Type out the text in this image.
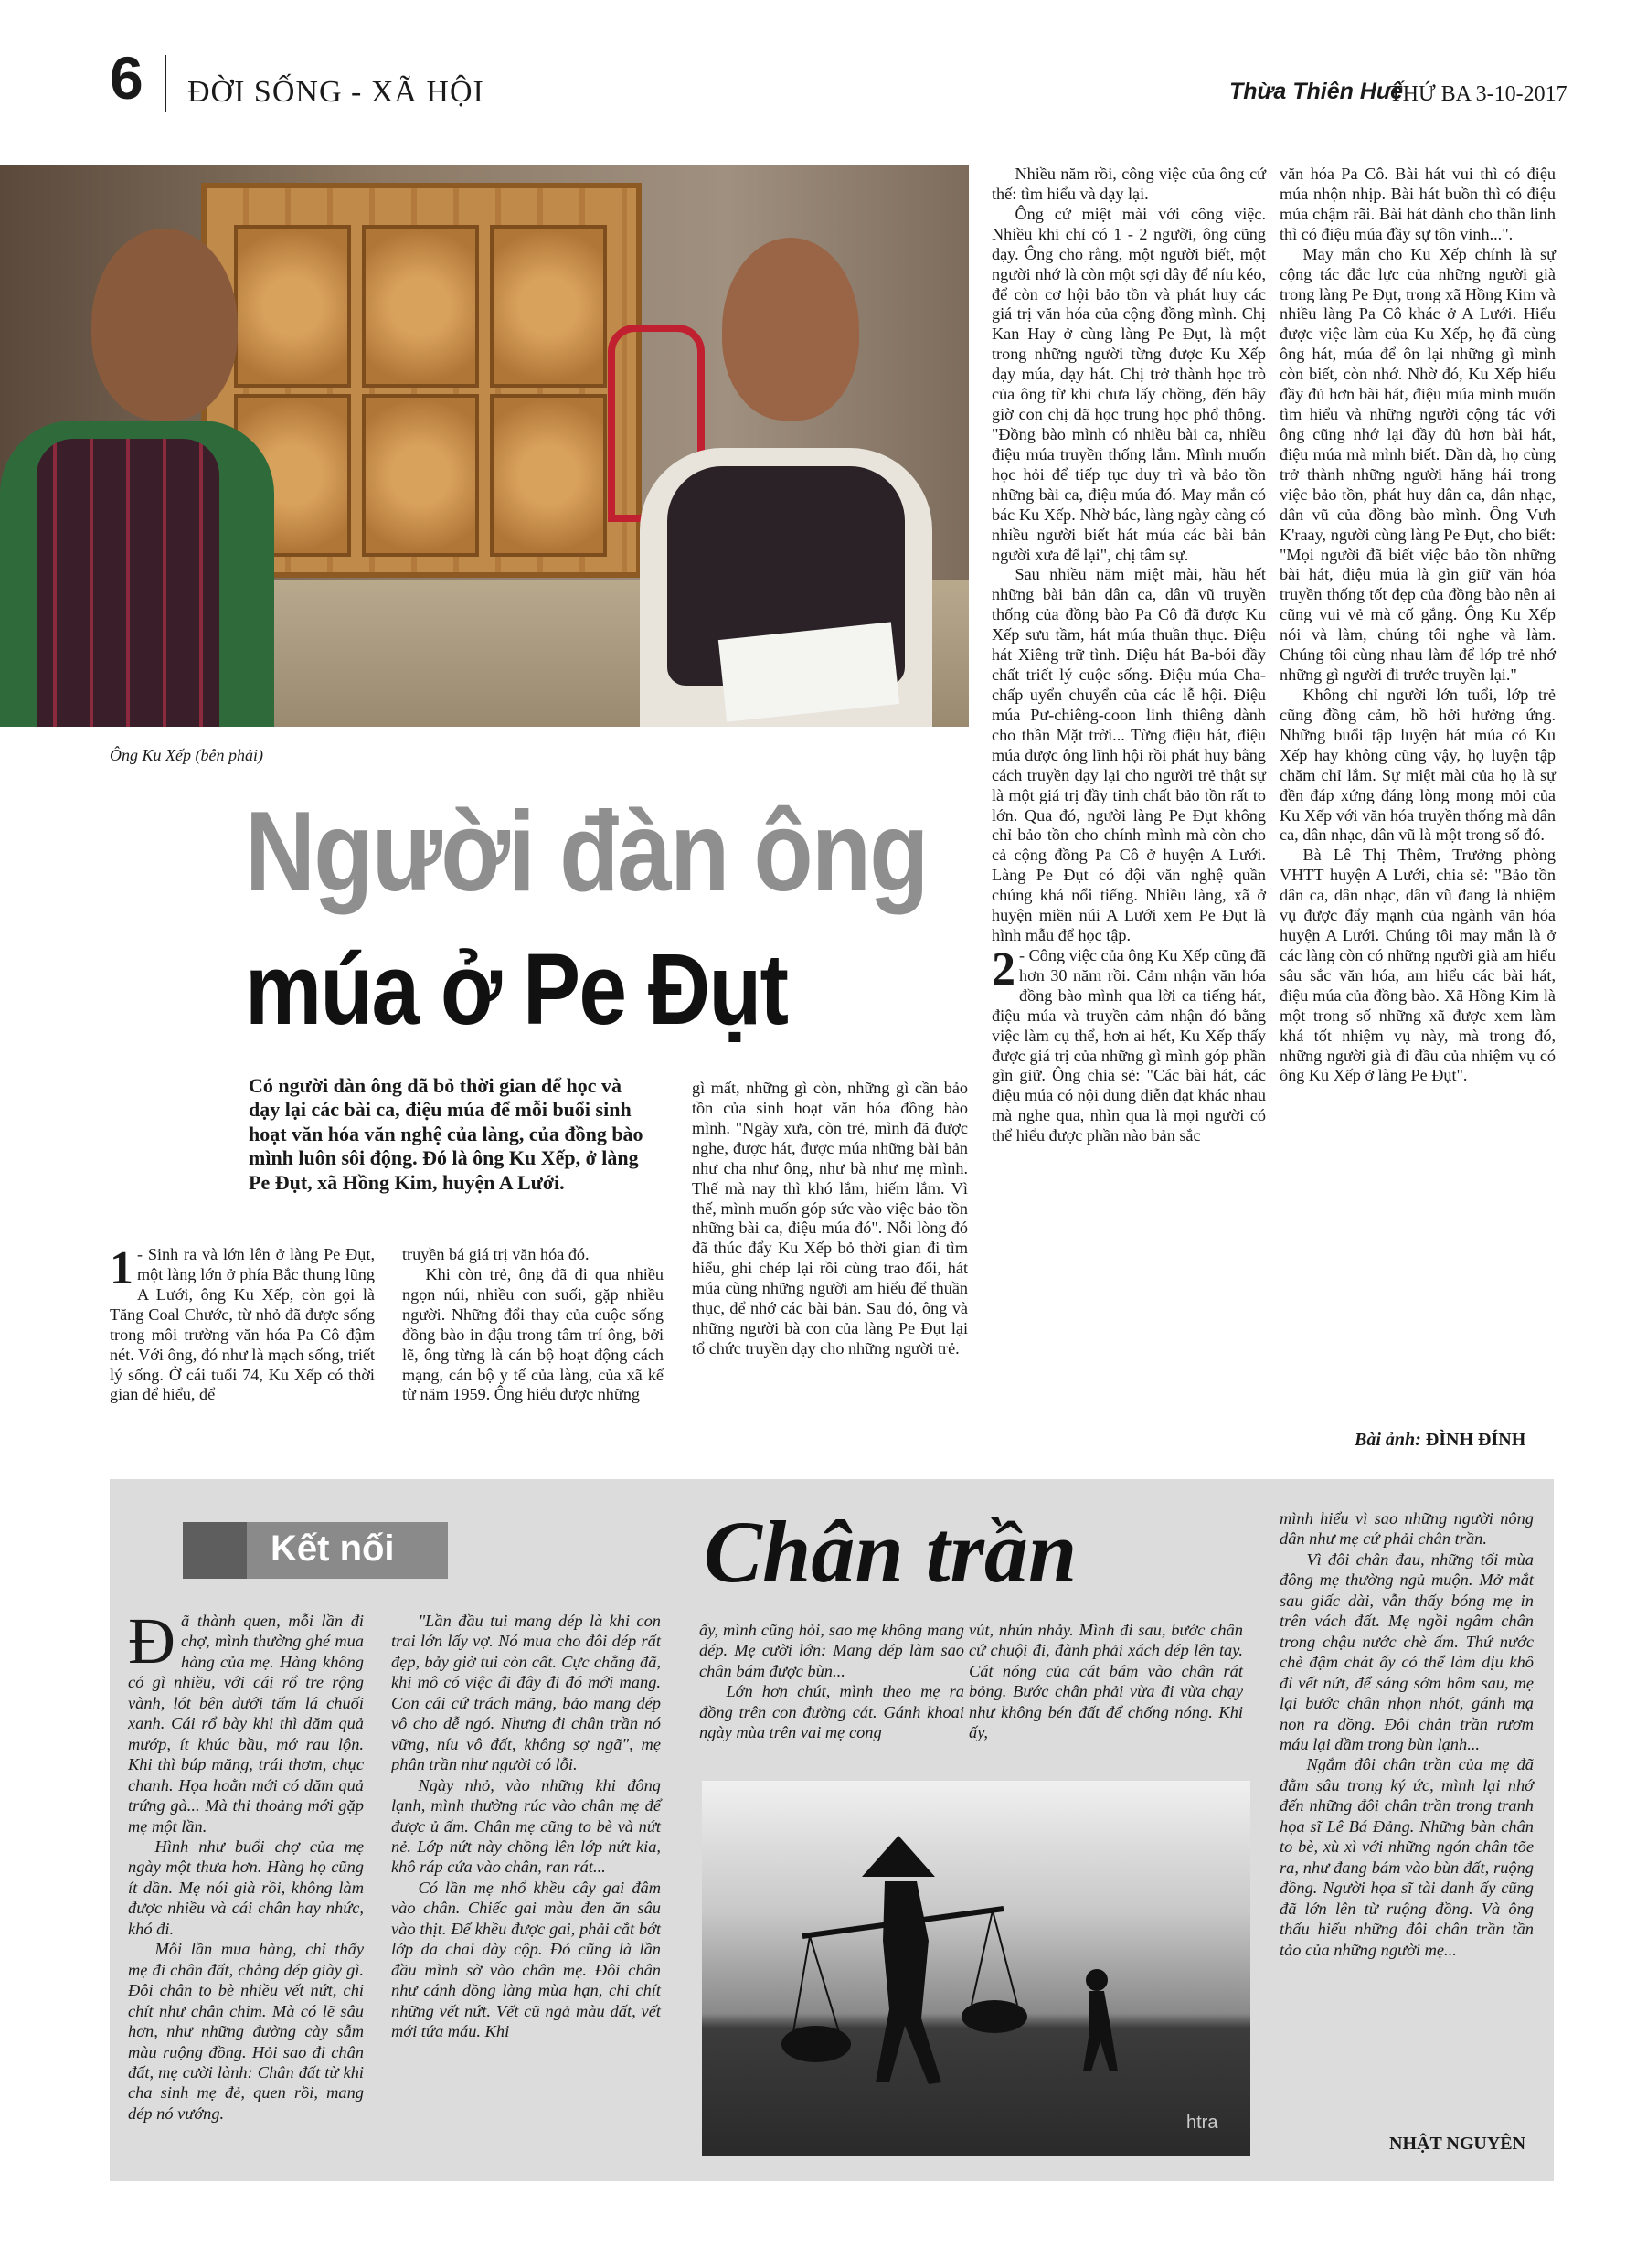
6 ĐỜI SỐNG - XÃ HỘI	Thừa Thiên Huế
THỨ BA 3-10-2017
Ông Ku Xếp (bên phải)
Người đàn ông
múa ở Pe Đụt
Có người đàn ông đã bỏ thời gian để học và dạy lại các bài ca, điệu múa để mỗi buổi sinh hoạt văn hóa văn nghệ của làng, của đồng bào mình luôn sôi động. Đó là ông Ku Xếp, ở làng Pe Đụt, xã Hồng Kim, huyện A Lưới.

1 - Sinh ra và lớn lên ở làng Pe Đụt, một làng lớn ở phía Bắc thung lũng A Lưới, ông Ku Xếp, còn gọi là Tăng Coal Chước, từ nhỏ đã được sống trong môi trường văn hóa Pa Cô đậm nét. Với ông, đó như là mạch sống, triết lý sống. Ở cái tuổi 74, Ku Xếp có thời gian để hiểu, để

truyền bá giá trị văn hóa đó.

Khi còn trẻ, ông đã đi qua nhiều ngọn núi, nhiều con suối, gặp nhiều người. Những đổi thay của cuộc sống đồng bào in đậu trong tâm trí ông, bởi lẽ, ông từng là cán bộ hoạt động cách mạng, cán bộ y tế của làng, của xã kể từ năm 1959. Ông hiểu được những

gì mất, những gì còn, những gì cần bảo tồn của sinh hoạt văn hóa đồng bào mình. "Ngày xưa, còn trẻ, mình đã được nghe, được hát, được múa những bài bản như cha như ông, như bà như mẹ mình. Thế mà nay thì khó lắm, hiếm lắm. Vì thế, mình muốn góp sức vào việc bảo tồn những bài ca, điệu múa đó". Nỗi lòng đó đã thúc đẩy Ku Xếp bỏ thời gian đi tìm hiểu, ghi chép lại rồi cùng trao đổi, hát múa cùng những người am hiểu để thuần thục, để nhớ các bài bản. Sau đó, ông và những người bà con của làng Pe Đụt lại tổ chức truyền dạy cho những người trẻ.

Nhiều năm rồi, công việc của ông cứ thế: tìm hiểu và dạy lại.

Ông cứ miệt mài với công việc. Nhiều khi chỉ có 1 - 2 người, ông cũng dạy. Ông cho rằng, một người biết, một người nhớ là còn một sợi dây để níu kéo, để còn cơ hội bảo tồn và phát huy các giá trị văn hóa của cộng đồng mình. Chị Kan Hay ở cùng làng Pe Đụt, là một trong những người từng được Ku Xếp dạy múa, dạy hát. Chị trở thành học trò của ông từ khi chưa lấy chồng, đến bây giờ con chị đã học trung học phổ thông. "Đồng bào mình có nhiều bài ca, nhiều điệu múa truyền thống lắm. Mình muốn học hỏi để tiếp tục duy trì và bảo tồn những bài ca, điệu múa đó. May mắn có bác Ku Xếp. Nhờ bác, làng ngày càng có nhiều người biết hát múa các bài bản người xưa để lại", chị tâm sự.

Sau nhiều năm miệt mài, hầu hết những bài bản dân ca, dân vũ truyền thống của đồng bào Pa Cô đã được Ku Xếp sưu tầm, hát múa thuần thục. Điệu hát Xiêng trữ tình. Điệu hát Ba-bói đầy chất triết lý cuộc sống. Điệu múa Cha-chấp uyển chuyển của các lễ hội. Điệu múa Pư-chiêng-coon linh thiêng dành cho thần Mặt trời... Từng điệu hát, điệu múa được ông lĩnh hội rồi phát huy bằng cách truyền dạy lại cho người trẻ thật sự là một giá trị đầy tinh chất bảo tồn rất to lớn. Qua đó, người làng Pe Đụt không chỉ bảo tồn cho chính mình mà còn cho cả cộng đồng Pa Cô ở huyện A Lưới. Làng Pe Đụt có đội văn nghệ quần chúng khá nổi tiếng. Nhiều làng, xã ở huyện miền núi A Lưới xem Pe Đụt là hình mẫu để học tập.

2 - Công việc của ông Ku Xếp cũng đã hơn 30 năm rồi. Cảm nhận văn hóa đồng bào mình qua lời ca tiếng hát, điệu múa và truyền cảm nhận đó bằng việc làm cụ thể, hơn ai hết, Ku Xếp thấy được giá trị của những gì mình góp phần gìn giữ. Ông chia sẻ: "Các bài hát, các điệu múa có nội dung diễn đạt khác nhau mà nghe qua, nhìn qua là mọi người có thể hiểu được phần nào bản sắc

văn hóa Pa Cô. Bài hát vui thì có điệu múa nhộn nhịp. Bài hát buồn thì có điệu múa chậm rãi. Bài hát dành cho thần linh thì có điệu múa đầy sự tôn vinh...".

May mắn cho Ku Xếp chính là sự cộng tác đắc lực của những người già trong làng Pe Đụt, trong xã Hồng Kim và nhiều làng Pa Cô khác ở A Lưới. Hiểu được việc làm của Ku Xếp, họ đã cùng ông hát, múa để ôn lại những gì mình còn biết, còn nhớ. Nhờ đó, Ku Xếp hiểu đầy đủ hơn bài hát, điệu múa mình muốn tìm hiểu và những người cộng tác với ông cũng nhớ lại đầy đủ hơn bài hát, điệu múa mà mình biết. Dần dà, họ cùng trở thành những người hăng hái trong việc bảo tồn, phát huy dân ca, dân nhạc, dân vũ của đồng bào mình. Ông Vưh K'raay, người cùng làng Pe Đụt, cho biết: "Mọi người đã biết việc bảo tồn những bài hát, điệu múa là gìn giữ văn hóa truyền thống tốt đẹp của đồng bào nên ai cũng vui vẻ mà cố gắng. Ông Ku Xếp nói và làm, chúng tôi nghe và làm. Chúng tôi cùng nhau làm để lớp trẻ nhớ những gì người đi trước truyền lại."

Không chỉ người lớn tuổi, lớp trẻ cũng đồng cảm, hồ hởi hưởng ứng. Những buổi tập luyện hát múa có Ku Xếp hay không cũng vậy, họ luyện tập chăm chỉ lắm. Sự miệt mài của họ là sự đền đáp xứng đáng lòng mong mỏi của Ku Xếp với văn hóa truyền thống mà dân ca, dân nhạc, dân vũ là một trong số đó.

Bà Lê Thị Thêm, Trưởng phòng VHTT huyện A Lưới, chia sẻ: "Bảo tồn dân ca, dân nhạc, dân vũ đang là nhiệm vụ được đẩy mạnh của ngành văn hóa huyện A Lưới. Chúng tôi may mắn là ở các làng còn có những người già am hiểu sâu sắc văn hóa, am hiểu các bài hát, điệu múa của đồng bào. Xã Hồng Kim là một trong số những xã được xem làm khá tốt nhiệm vụ này, mà trong đó, những người già đi đầu của nhiệm vụ có ông Ku Xếp ở làng Pe Đụt".

Bài ảnh: ĐÌNH ĐÍNH
Kết nối	Chân trần

Đã thành quen, mỗi lần đi chợ, mình thường ghé mua hàng của mẹ. Hàng không có gì nhiều, với cái rổ tre rộng vành, lót bên dưới tấm lá chuối xanh. Cái rổ bày khi thì dăm quả mướp, ít khúc bầu, mớ rau lộn. Khi thì búp măng, trái thơm, chục chanh. Họa hoằn mới có dăm quả trứng gà... Mà thi thoảng mới gặp mẹ một lần.

Hình như buổi chợ của mẹ ngày một thưa hơn. Hàng họ cũng ít dần. Mẹ nói già rồi, không làm được nhiều và cái chân hay nhức, khó đi.

Mỗi lần mua hàng, chỉ thấy mẹ đi chân đất, chẳng dép giày gì. Đôi chân to bè nhiều vết nứt, chi chít như chân chim. Mà có lẽ sâu hơn, như những đường cày sẫm màu ruộng đồng. Hỏi sao đi chân đất, mẹ cười lành: Chân đất từ khi cha sinh mẹ đẻ, quen rồi, mang dép nó vướng.

"Lần đầu tui mang dép là khi con trai lớn lấy vợ. Nó mua cho đôi dép rất đẹp, bảy giờ tui còn cất. Cực chẳng đã, khi mô có việc đi đây đi đó mới mang. Con cái cứ trách mãng, bảo mang dép vô cho dễ ngó. Nhưng đi chân trần nó vững, níu vô đất, không sợ ngã", mẹ phân trần như người có lỗi.

Ngày nhỏ, vào những khi đông lạnh, mình thường rúc vào chân mẹ để được ủ ấm. Chân mẹ cũng to bè và nứt nẻ. Lớp nứt này chồng lên lớp nứt kia, khô ráp cứa vào chân, ran rát...

Có lần mẹ nhổ khều cây gai đâm vào chân. Chiếc gai màu đen ăn sâu vào thịt. Để khều được gai, phải cắt bớt lớp da chai dày cộp. Đó cũng là lần đầu mình sờ vào chân mẹ. Đôi chân như cánh đồng làng mùa hạn, chi chít những vết nứt. Vết cũ ngả màu đất, vết mới tứa máu. Khi

ấy, mình cũng hỏi, sao mẹ không mang dép. Mẹ cười lớn: Mang dép làm sao chân bám được bùn...

Lớn hơn chút, mình theo mẹ ra đồng trên con đường cát. Gánh khoai ngày mùa trên vai mẹ cong

vút, nhún nhảy. Mình đi sau, bước chân cứ chuội đi, đành phải xách dép lên tay. Cát nóng của cát bám vào chân rát bỏng. Bước chân phải vừa đi vừa chạy như không bén đất để chống nóng. Khi ấy,

mình hiểu vì sao những người nông dân như mẹ cứ phải chân trần.

Vì đôi chân đau, những tối mùa đông mẹ thường ngủ muộn. Mở mắt sau giấc dài, vẫn thấy bóng mẹ in trên vách đất. Mẹ ngồi ngâm chân trong chậu nước chè ấm. Thứ nước chè đậm chát ấy có thể làm dịu khô đi vết nứt, để sáng sớm hôm sau, mẹ lại bước chân nhọn nhót, gánh mạ non ra đồng. Đôi chân trần rươm máu lại dầm trong bùn lạnh...

Ngắm đôi chân trần của mẹ đã đằm sâu trong ký ức, mình lại nhớ đến những đôi chân trần trong tranh họa sĩ Lê Bá Đảng. Những bàn chân to bè, xù xì với những ngón chân tõe ra, như đang bám vào bùn đất, ruộng đồng. Người họa sĩ tài danh ấy cũng đã lớn lên từ ruộng đồng. Và ông thấu hiểu những đôi chân trần tần tảo của những người mẹ...

htra
NHẬT NGUYÊN
